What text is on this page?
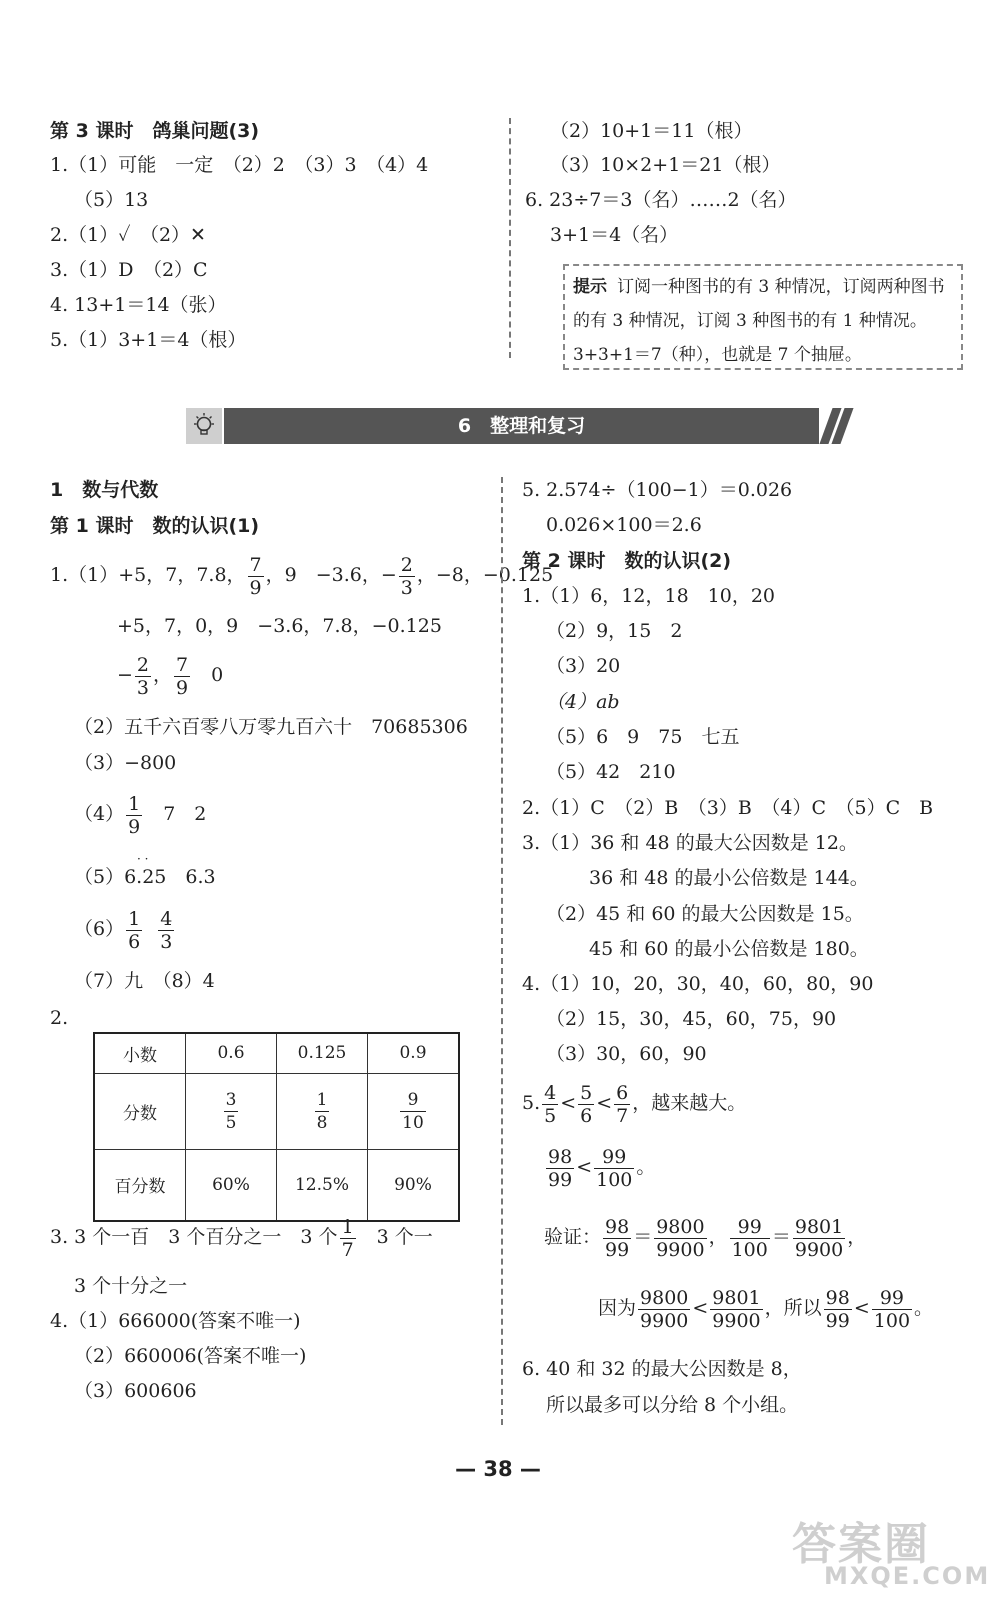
第 3 课时　鸽巢问题(3)
1.（1）可能　一定　（2）2　（3）3　（4）4
（5）13
2.（1）✓　（2）✕
3.（1）D　（2）C
4. 13+1＝14（张）
5.（1）3+1＝4（根）
（2）10+1＝11（根）
（3）10×2+1＝21（根）
6. 23÷7＝3（名）……2（名）
3+1＝4（名）
提示 订阅一种图书的有 3 种情况，订阅两种图书的有 3 种情况，订阅 3 种图书的有 1 种情况。3+3+1＝7（种），也就是 7 个抽屉。
6　整理和复习
1　数与代数
第 1 课时　数的认识(1)
1.（1）+5，7，7.8， $\frac{7}{9}$ ，9　−3.6，− $\frac{2}{3}$ ，−8，−0.125
+5，7，0，9　−3.6，7.8，−0.125
− $\frac{2}{3}$ ， $\frac{7}{9}$ 　0
（2）五千六百零八万零九百六十　70685306
（3）−800
$(4) \frac{1}{9}$ 　7　2
（5）6.25　6.3
· ·
$(6) \frac{1}{6}$
$\frac{4}{3}$
（7）九　（8）4
2.
小数	0.6	0.125	0.9
分数	$\frac{3}{5}$	$\frac{1}{8}$	$\frac{9}{10}$

百分数	60%	12.5%	90%
3. 3 个一百　3 个百分之一　3 个 $\frac{1}{7}$ 　3 个一
3 个十分之一
4.（1）666000(答案不唯一)
（2）660006(答案不唯一)
（3）600606
5. 2.574÷（100−1）＝0.026
0.026×100＝2.6
第 2 课时　数的认识(2)
1.（1）6，12，18　10，20
（2）9，15　2
（3）20
（4）ab
（5）6　9　75　七五
（5）42　210
2.（1）C　（2）B　（3）B　（4）C　（5）C　B
3.（1）36 和 48 的最大公因数是 12。
36 和 48 的最小公倍数是 144。
（2）45 和 60 的最大公因数是 15。
45 和 60 的最小公倍数是 180。
4.（1）10，20，30，40，60，80，90
（2）15，30，45，60，75，90
（3）30，60，90
5. $\frac{4}{5} < \frac{5}{6} < \frac{6}{7}$ ，越来越大。
$\frac{98}{99} < \frac{99}{100}$ 。
验证： $\frac{98}{99} = \frac{9800}{9900}$ ， $\frac{99}{100} = \frac{9801}{9900}$ ，
因为 $\frac{9800}{9900} < \frac{9801}{9900}$ ，所以 $\frac{98}{99} < \frac{99}{100}$ 。
6. 40 和 32 的最大公因数是 8，
所以最多可以分给 8 个小组。
— 38 —
答案圈
MXQE.COM
